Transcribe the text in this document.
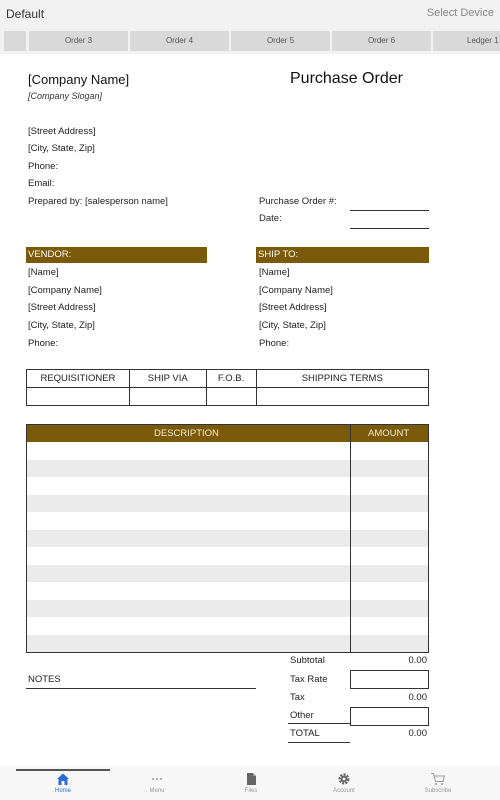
Default	Select Device
Order 3	Order 4	Order 5	Order 6	Ledger 1
[Company Name]
[Company Slogan]
Purchase Order
[Street Address]
[City, State, Zip]
Phone:
Email:
Prepared by: [salesperson name]	Purchase Order #:
Date:
VENDOR:
[Name]
[Company Name]
[Street Address]
[City, State, Zip]
Phone:
SHIP TO:
[Name]
[Company Name]
[Street Address]
[City, State, Zip]
Phone:
REQUISITIONER	SHIP VIA	F.O.B.	SHIPPING TERMS

DESCRIPTION	AMOUNT
NOTES
Subtotal	0.00
Tax Rate
Tax	0.00
Other
TOTAL	0.00
Home	Menu	Files	Account	Subscribe
